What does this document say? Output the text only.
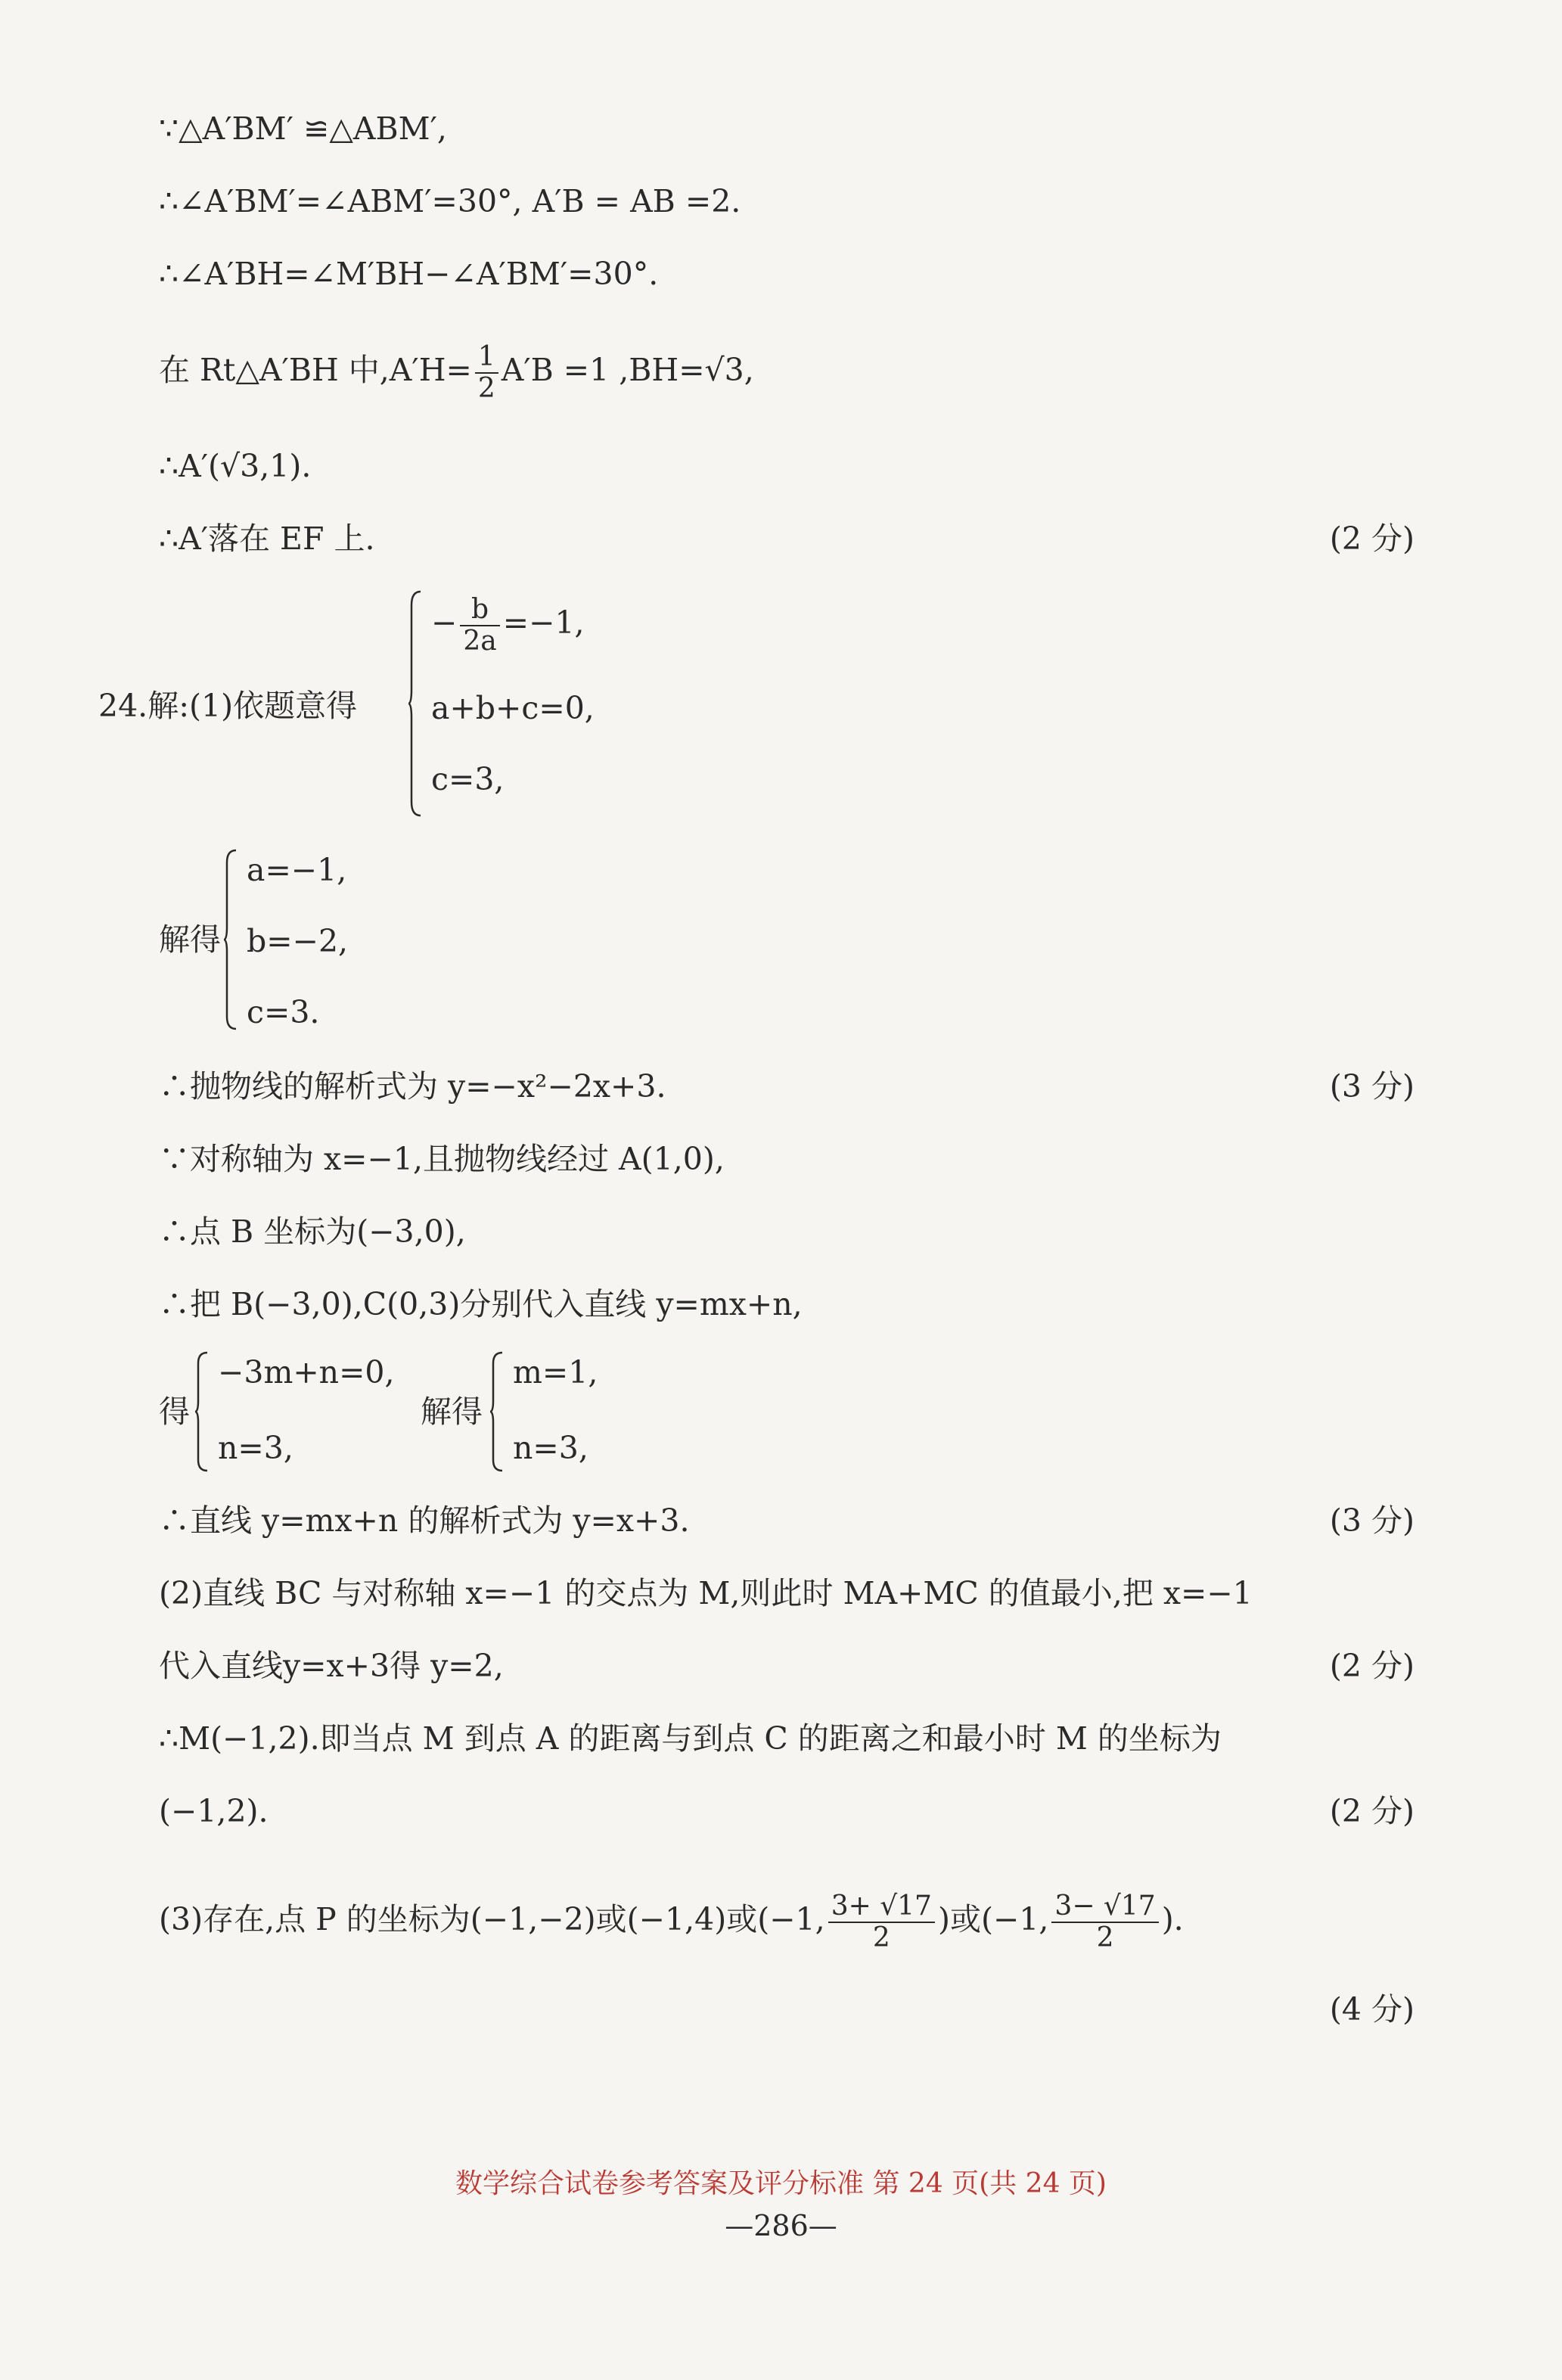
∵△A′BM′ ≌△ABM′,
∴∠A′BM′=∠ABM′=30°, A′B = AB =2.
∴∠A′BH=∠M′BH−∠A′BM′=30°.
在 Rt△A′BH 中$,A'H= \frac{1}{2} A'B =1$ ,BH=√3,
∴A′(√3,1).
∴A′落在 EF 上.	(2 分)
24.解:(1)依题意得
− $\frac{b}{2a} =-1$,
a+b+c=0,
c=3,
解得
a=−1,
b=−2,
c=3.
∴抛物线的解析式为 y=−x²−2x+3.	(3 分)
∵对称轴为 x=−1,且抛物线经过 A(1,0),
∴点 B 坐标为(−3,0),
∴把 B(−3,0),C(0,3)分别代入直线 y=mx+n,
得
−3m+n=0,
n=3,
解得
m=1,
n=3,
∴直线 y=mx+n 的解析式为 y=x+3.	(3 分)
(2)直线 BC 与对称轴 x=−1 的交点为 M,则此时 MA+MC 的值最小,把 x=−1
代入直线y=x+3得 y=2,	(2 分)
∴M(−1,2).即当点 M 到点 A 的距离与到点 C 的距离之和最小时 M 的坐标为
(−1,2).	(2 分)
(3)存在,点 P 的坐标为(−1,−2)或(−1,4)或(−1, $\frac{3+ √17}{2}$ )或(−1, $\frac{3- √17}{2}$ ).
(4 分)
数学综合试卷参考答案及评分标准 第 24 页(共 24 页)
—286—
